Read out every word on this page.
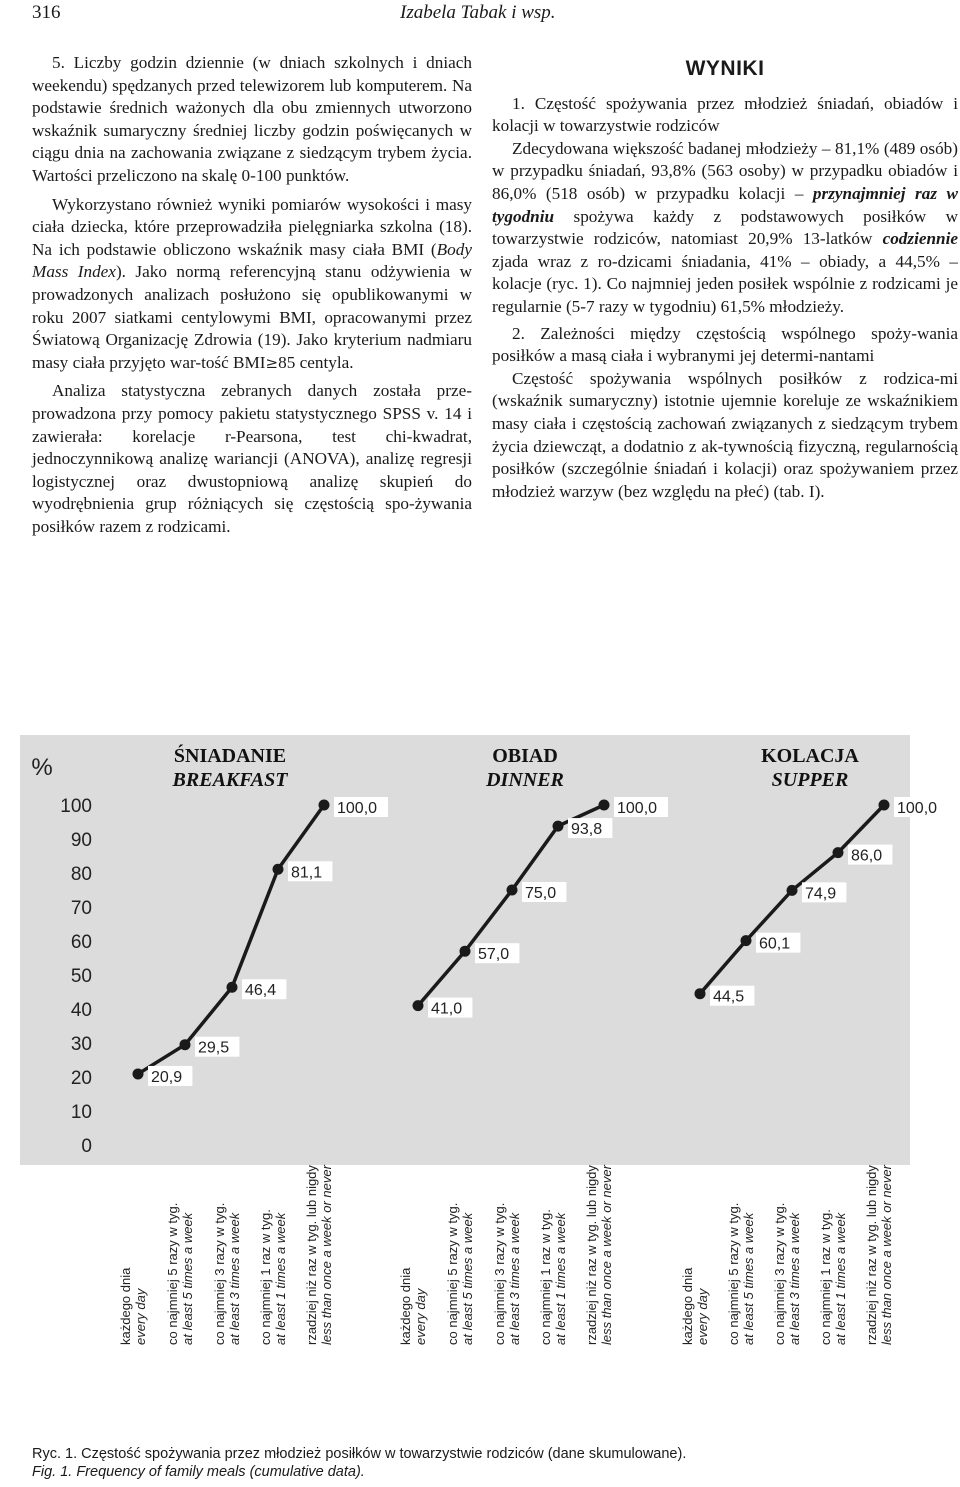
316	Izabela Tabak i wsp.

5. Liczby godzin dziennie (w dniach szkolnych i dniach weekendu) spędzanych przed telewizorem lub komputerem. Na podstawie średnich ważonych dla obu zmiennych utworzono wskaźnik sumaryczny średniej liczby godzin poświęcanych w ciągu dnia na zachowania związane z siedzącym trybem życia. Wartości przeliczono na skalę 0-100 punktów.

Wykorzystano również wyniki pomiarów wysokości i masy ciała dziecka, które przeprowadziła pielęgniarka szkolna (18). Na ich podstawie obliczono wskaźnik masy ciała BMI (Body Mass Index). Jako normą referencyjną stanu odżywienia w prowadzonych analizach posłużono się opublikowanymi w roku 2007 siatkami centylowymi BMI, opracowanymi przez Światową Organizację Zdrowia (19). Jako kryterium nadmiaru masy ciała przyjęto war-tość BMI≥85 centyla.

Analiza statystyczna zebranych danych została prze-prowadzona przy pomocy pakietu statystycznego SPSS v. 14 i zawierała: korelacje r-Pearsona, test chi-kwadrat, jednoczynnikową analizę wariancji (ANOVA), analizę regresji logistycznej oraz dwustopniową analizę skupień do wyodrębnienia grup różniących się częstością spo-żywania posiłków razem z rodzicami.

WYNIKI

1. Częstość spożywania przez młodzież śniadań, obiadów i kolacji w towarzystwie rodziców

Zdecydowana większość badanej młodzieży – 81,1% (489 osób) w przypadku śniadań, 93,8% (563 osoby) w przypadku obiadów i 86,0% (518 osób) w przypadku kolacji – przynajmniej raz w tygodniu spożywa każdy z podstawowych posiłków w towarzystwie rodziców, natomiast 20,9% 13-latków codziennie zjada wraz z ro-dzicami śniadania, 41% – obiady, a 44,5% – kolacje (ryc. 1). Co najmniej jeden posiłek wspólnie z rodzicami je regularnie (5-7 razy w tygodniu) 61,5% młodzieży.

2. Zależności między częstością wspólnego spoży-wania posiłków a masą ciała i wybranymi jej determi-nantami

Częstość spożywania wspólnych posiłków z rodzica-mi (wskaźnik sumaryczny) istotnie ujemnie koreluje ze wskaźnikiem masy ciała i częstością zachowań związanych z siedzącym trybem życia dziewcząt, a dodatnio z ak-tywnością fizyczną, regularnością posiłków (szczególnie śniadań i kolacji) oraz spożywaniem przez młodzież warzyw (bez względu na płeć) (tab. I).

%
0
10
20
30
40
50
60
70
80
90
100
ŚNIADANIE
BREAKFAST
20,9
29,5
46,4
81,1
100,0
każdego dnia every day co najmniej 5 razy w tyg. at least 5 times a week co najmniej 3 razy w tyg. at least 3 times a week co najmniej 1 raz w tyg. at least 1 times a week rzadziej niż raz w tyg. lub nigdy less than once a week or never
OBIAD
DINNER
41,0
57,0
75,0
93,8
100,0
każdego dnia every day co najmniej 5 razy w tyg. at least 5 times a week co najmniej 3 razy w tyg. at least 3 times a week co najmniej 1 raz w tyg. at least 1 times a week rzadziej niż raz w tyg. lub nigdy less than once a week or never
KOLACJA
SUPPER
44,5
60,1
74,9
86,0
100,0
każdego dnia every day co najmniej 5 razy w tyg. at least 5 times a week co najmniej 3 razy w tyg. at least 3 times a week co najmniej 1 raz w tyg. at least 1 times a week rzadziej niż raz w tyg. lub nigdy less than once a week or never
Ryc. 1. Częstość spożywania przez młodzież posiłków w towarzystwie rodziców (dane skumulowane).
Fig. 1. Frequency of family meals (cumulative data).
